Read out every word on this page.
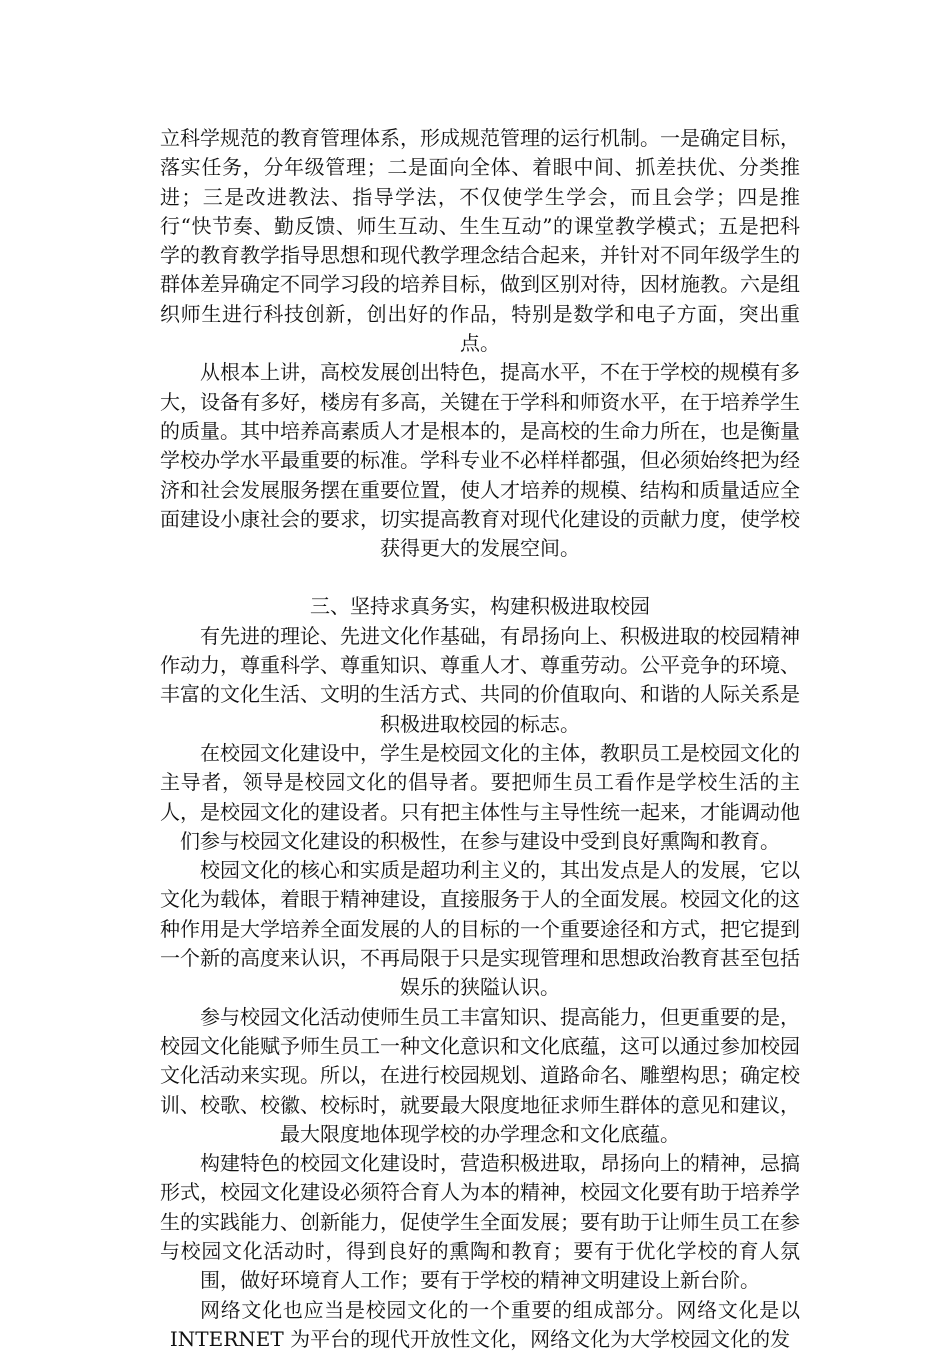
立科学规范的教育管理体系，形成规范管理的运行机制。一是确定目标，落实任务，分年级管理；二是面向全体、着眼中间、抓差扶优、分类推进；三是改进教法、指导学法，不仅使学生学会，而且会学；四是推行“快节奏、勤反馈、师生互动、生生互动”的课堂教学模式；五是把科学的教育教学指导思想和现代教学理念结合起来，并针对不同年级学生的群体差异确定不同学习段的培养目标，做到区别对待，因材施教。六是组织师生进行科技创新，创出好的作品，特别是数学和电子方面，突出重点。

从根本上讲，高校发展创出特色，提高水平，不在于学校的规模有多大，设备有多好，楼房有多高，关键在于学科和师资水平，在于培养学生的质量。其中培养高素质人才是根本的，是高校的生命力所在，也是衡量学校办学水平最重要的标准。学科专业不必样样都强，但必须始终把为经济和社会发展服务摆在重要位置，使人才培养的规模、结构和质量适应全面建设小康社会的要求，切实提高教育对现代化建设的贡献力度，使学校获得更大的发展空间。

三、坚持求真务实，构建积极进取校园

有先进的理论、先进文化作基础，有昂扬向上、积极进取的校园精神作动力，尊重科学、尊重知识、尊重人才、尊重劳动。公平竞争的环境、丰富的文化生活、文明的生活方式、共同的价值取向、和谐的人际关系是积极进取校园的标志。

在校园文化建设中，学生是校园文化的主体，教职员工是校园文化的主导者，领导是校园文化的倡导者。要把师生员工看作是学校生活的主人，是校园文化的建设者。只有把主体性与主导性统一起来，才能调动他们参与校园文化建设的积极性，在参与建设中受到良好熏陶和教育。

校园文化的核心和实质是超功利主义的，其出发点是人的发展，它以文化为载体，着眼于精神建设，直接服务于人的全面发展。校园文化的这种作用是大学培养全面发展的人的目标的一个重要途径和方式，把它提到一个新的高度来认识，不再局限于只是实现管理和思想政治教育甚至包括娱乐的狭隘认识。

参与校园文化活动使师生员工丰富知识、提高能力，但更重要的是，校园文化能赋予师生员工一种文化意识和文化底蕴，这可以通过参加校园文化活动来实现。所以，在进行校园规划、道路命名、雕塑构思；确定校训、校歌、校徽、校标时，就要最大限度地征求师生群体的意见和建议，最大限度地体现学校的办学理念和文化底蕴。

构建特色的校园文化建设时，营造积极进取，昂扬向上的精神，忌搞形式，校园文化建设必须符合育人为本的精神，校园文化要有助于培养学生的实践能力、创新能力，促使学生全面发展；要有助于让师生员工在参与校园文化活动时，得到良好的熏陶和教育；要有于优化学校的育人氛围，做好环境育人工作；要有于学校的精神文明建设上新台阶。

网络文化也应当是校园文化的一个重要的组成部分。网络文化是以 INTERNET 为平台的现代开放性文化，网络文化为大学校园文化的发
